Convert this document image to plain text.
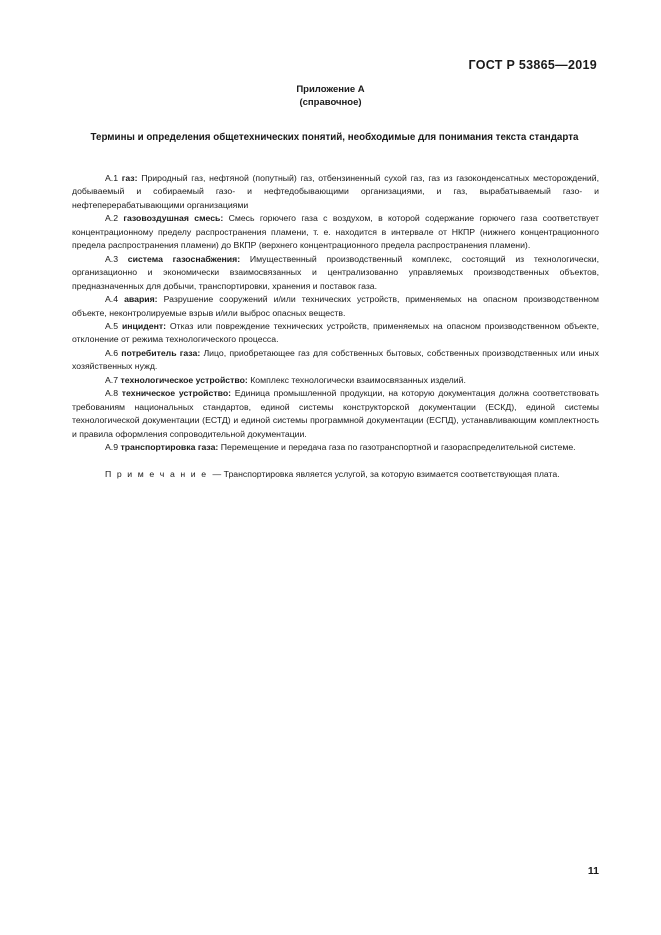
ГОСТ Р 53865—2019
Приложение А
(справочное)
Термины и определения общетехнических понятий, необходимые для понимания текста стандарта

А.1 газ: Природный газ, нефтяной (попутный) газ, отбензиненный сухой газ, газ из газоконденсатных месторождений, добываемый и собираемый газо- и нефтедобывающими организациями, и газ, вырабатываемый газо- и нефтеперерабатывающими организациями

А.2 газовоздушная смесь: Смесь горючего газа с воздухом, в которой содержание горючего газа соответствует концентрационному пределу распространения пламени, т. е. находится в интервале от НКПР (нижнего концентрационного предела распространения пламени) до ВКПР (верхнего концентрационного предела распространения пламени).

А.3 система газоснабжения: Имущественный производственный комплекс, состоящий из технологически, организационно и экономически взаимосвязанных и централизованно управляемых производственных объектов, предназначенных для добычи, транспортировки, хранения и поставок газа.

А.4 авария: Разрушение сооружений и/или технических устройств, применяемых на опасном производственном объекте, неконтролируемые взрыв и/или выброс опасных веществ.

А.5 инцидент: Отказ или повреждение технических устройств, применяемых на опасном производственном объекте, отклонение от режима технологического процесса.

А.6 потребитель газа: Лицо, приобретающее газ для собственных бытовых, собственных производственных или иных хозяйственных нужд.

А.7 технологическое устройство: Комплекс технологически взаимосвязанных изделий.

А.8 техническое устройство: Единица промышленной продукции, на которую документация должна соответствовать требованиям национальных стандартов, единой системы конструкторской документации (ЕСКД), единой системы технологической документации (ЕСТД) и единой системы программной документации (ЕСПД), устанавливающим комплектность и правила оформления сопроводительной документации.

А.9 транспортировка газа: Перемещение и передача газа по газотранспортной и газораспределительной системе.

П р и м е ч а н и е — Транспортировка является услугой, за которую взимается соответствующая плата.

11
